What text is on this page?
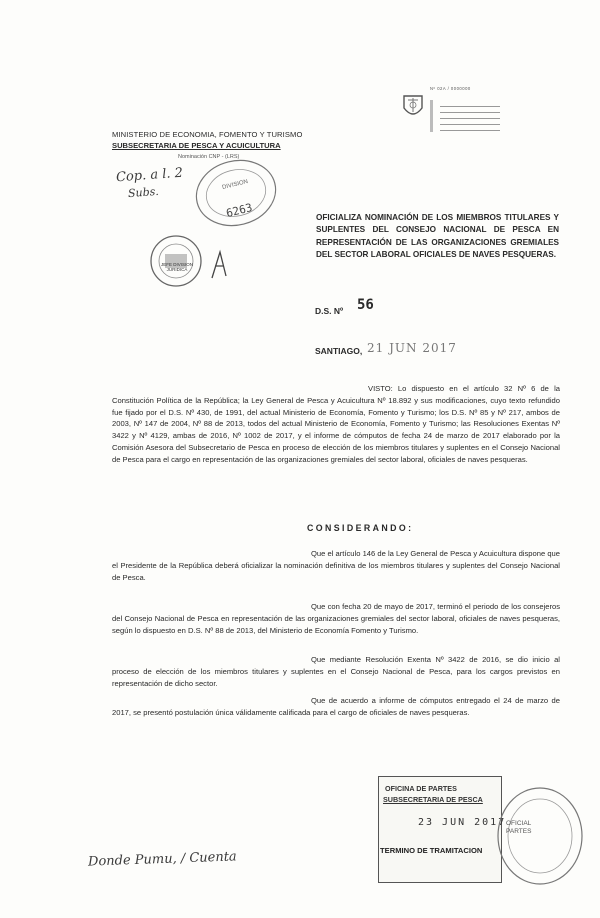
Nº 02A / 0000000
MINISTERIO DE ECONOMIA, FOMENTO Y TURISMO
SUBSECRETARIA DE PESCA Y ACUICULTURA
Nominación CNP - (LRS)
Cop. a l. 2
Subs.	DIVISION
6263
JEFE DIVISION JURIDICA
OFICIALIZA NOMINACIÓN DE LOS MIEMBROS TITULARES Y SUPLENTES DEL CONSEJO NACIONAL DE PESCA EN REPRESENTACIÓN DE LAS ORGANIZACIONES GREMIALES DEL SECTOR LABORAL OFICIALES DE NAVES PESQUERAS.
D.S. Nº 56
SANTIAGO, 21 JUN 2017
VISTO: Lo dispuesto en el artículo 32 Nº 6 de la Constitución Política de la República; la Ley General de Pesca y Acuicultura Nº 18.892 y sus modificaciones, cuyo texto refundido fue fijado por el D.S. Nº 430, de 1991, del actual Ministerio de Economía, Fomento y Turismo; los D.S. Nº 85 y Nº 217, ambos de 2003, Nº 147 de 2004, Nº 88 de 2013, todos del actual Ministerio de Economía, Fomento y Turismo; las Resoluciones Exentas Nº 3422 y Nº 4129, ambas de 2016, Nº 1002 de 2017, y el informe de cómputos de fecha 24 de marzo de 2017 elaborado por la Comisión Asesora del Subsecretario de Pesca en proceso de elección de los miembros titulares y suplentes en el Consejo Nacional de Pesca para el cargo en representación de las organizaciones gremiales del sector laboral, oficiales de naves pesqueras.
CONSIDERANDO:
Que el artículo 146 de la Ley General de Pesca y Acuicultura dispone que el Presidente de la República deberá oficializar la nominación definitiva de los miembros titulares y suplentes del Consejo Nacional de Pesca.
Que con fecha 20 de mayo de 2017, terminó el periodo de los consejeros del Consejo Nacional de Pesca en representación de las organizaciones gremiales del sector laboral, oficiales de naves pesqueras, según lo dispuesto en D.S. Nº 88 de 2013, del Ministerio de Economía Fomento y Turismo.
Que mediante Resolución Exenta Nº 3422 de 2016, se dio inicio al proceso de elección de los miembros titulares y suplentes en el Consejo Nacional de Pesca, para los cargos previstos en representación de dicho sector.
Que de acuerdo a informe de cómputos entregado el 24 de marzo de 2017, se presentó postulación única válidamente calificada para el cargo de oficiales de naves pesqueras.
Donde Pumu, / Cuenta
OFICINA DE PARTES
SUBSECRETARIA DE PESCA
23 JUN 2017
TERMINO DE TRAMITACION
OFICIAL
PARTES
